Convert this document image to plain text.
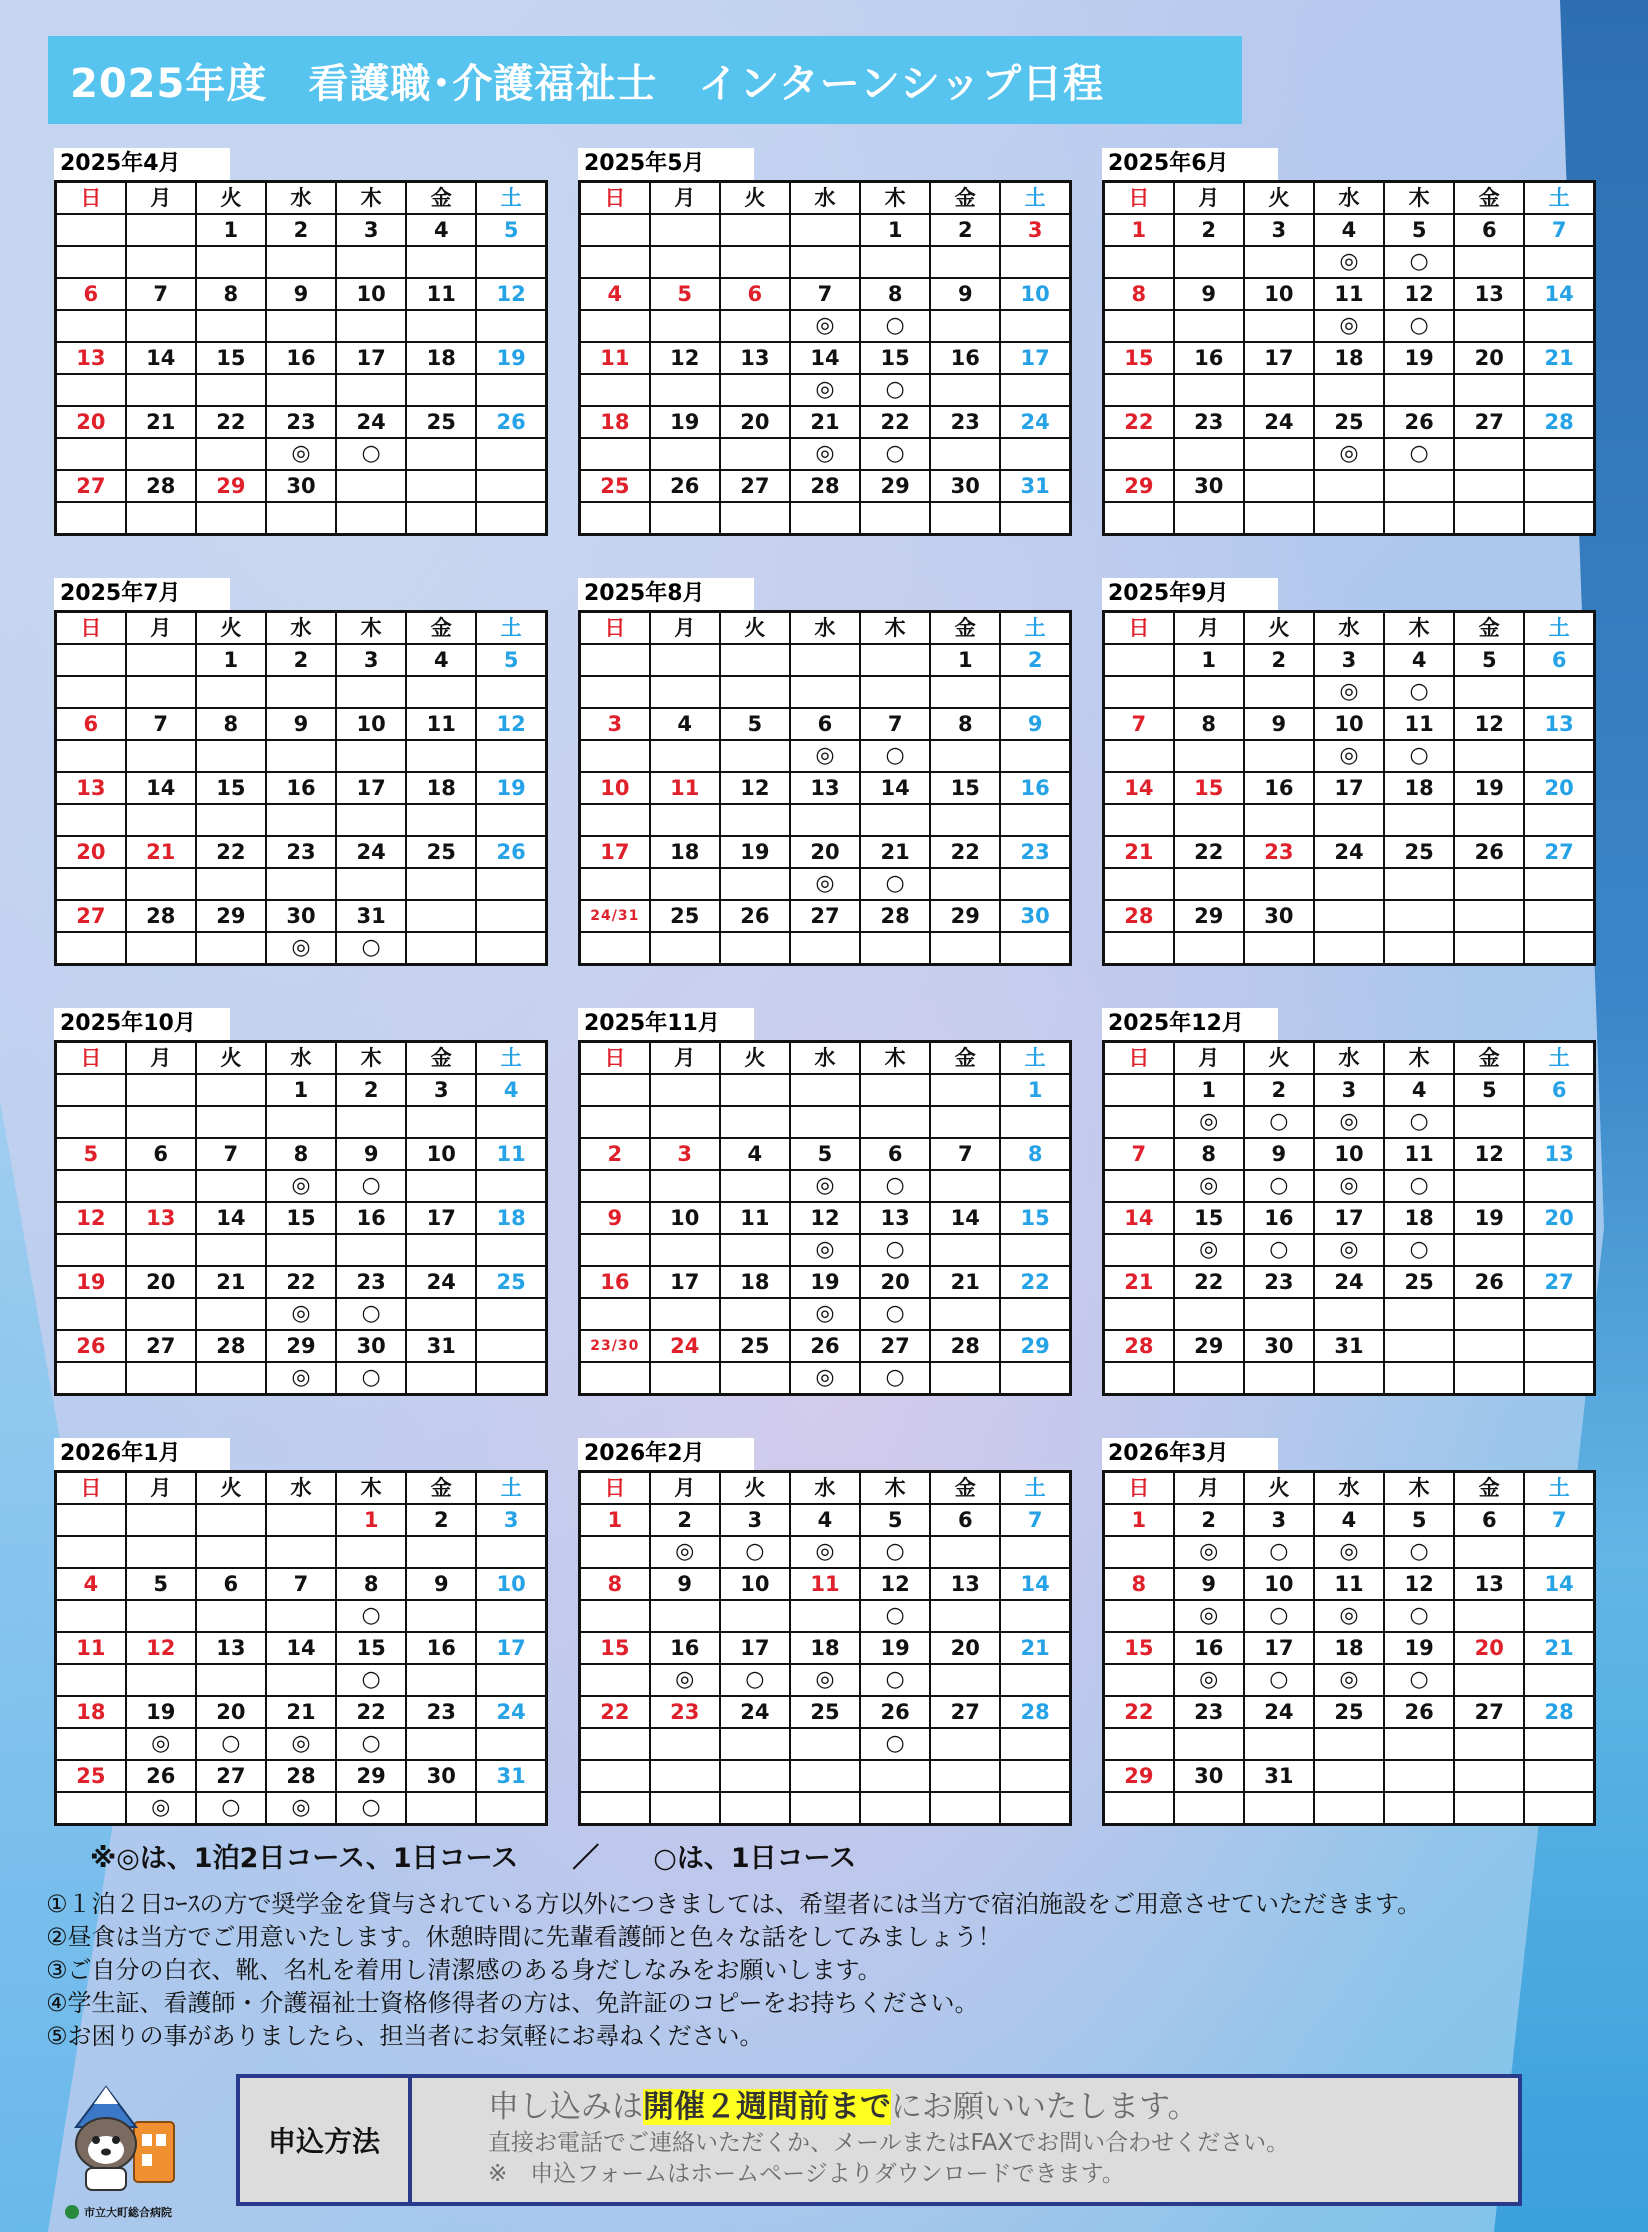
2025年度　看護職･介護福祉士　インターンシップ日程
2025年4月
日	月	火	水	木	金	土
		1	2	3	4	5

6	7	8	9	10	11	12

13	14	15	16	17	18	19

20	21	22	23	24	25	26
			◎	○		
27	28	29	30			

2025年5月
日	月	火	水	木	金	土
				1	2	3

4	5	6	7	8	9	10
			◎	○		
11	12	13	14	15	16	17
			◎	○		
18	19	20	21	22	23	24
			◎	○		
25	26	27	28	29	30	31

2025年6月
日	月	火	水	木	金	土
1	2	3	4	5	6	7
			◎	○		
8	9	10	11	12	13	14
			◎	○		
15	16	17	18	19	20	21

22	23	24	25	26	27	28
			◎	○		
29	30					

2025年7月
日	月	火	水	木	金	土
		1	2	3	4	5

6	7	8	9	10	11	12

13	14	15	16	17	18	19

20	21	22	23	24	25	26

27	28	29	30	31		
			◎	○		
2025年8月
日	月	火	水	木	金	土
					1	2

3	4	5	6	7	8	9
			◎	○		
10	11	12	13	14	15	16

17	18	19	20	21	22	23
			◎	○		
24/31	25	26	27	28	29	30

2025年9月
日	月	火	水	木	金	土
	1	2	3	4	5	6
			◎	○		
7	8	9	10	11	12	13
			◎	○		
14	15	16	17	18	19	20

21	22	23	24	25	26	27

28	29	30				

2025年10月
日	月	火	水	木	金	土
			1	2	3	4

5	6	7	8	9	10	11
			◎	○		
12	13	14	15	16	17	18

19	20	21	22	23	24	25
			◎	○		
26	27	28	29	30	31	
			◎	○		
2025年11月
日	月	火	水	木	金	土
						1

2	3	4	5	6	7	8
			◎	○		
9	10	11	12	13	14	15
			◎	○		
16	17	18	19	20	21	22
			◎	○		
23/30	24	25	26	27	28	29
			◎	○		
2025年12月
日	月	火	水	木	金	土
	1	2	3	4	5	6
	◎	○	◎	○		
7	8	9	10	11	12	13
	◎	○	◎	○		
14	15	16	17	18	19	20
	◎	○	◎	○		
21	22	23	24	25	26	27

28	29	30	31			

2026年1月
日	月	火	水	木	金	土
				1	2	3

4	5	6	7	8	9	10
				○		
11	12	13	14	15	16	17
				○		
18	19	20	21	22	23	24
	◎	○	◎	○		
25	26	27	28	29	30	31
	◎	○	◎	○		
2026年2月
日	月	火	水	木	金	土
1	2	3	4	5	6	7
	◎	○	◎	○		
8	9	10	11	12	13	14
				○		
15	16	17	18	19	20	21
	◎	○	◎	○		
22	23	24	25	26	27	28
				○		

2026年3月
日	月	火	水	木	金	土
1	2	3	4	5	6	7
	◎	○	◎	○		
8	9	10	11	12	13	14
	◎	○	◎	○		
15	16	17	18	19	20	21
	◎	○	◎	○		
22	23	24	25	26	27	28

29	30	31				

※◎は、1泊2日コース、1日コース　　／　　○は、1日コース
①１泊２日ｺｰｽの方で奨学金を貸与されている方以外につきましては、希望者には当方で宿泊施設をご用意させていただきます。
②昼食は当方でご用意いたします。休憩時間に先輩看護師と色々な話をしてみましょう！
③ご自分の白衣、靴、名札を着用し清潔感のある身だしなみをお願いします。
④学生証、看護師・介護福祉士資格修得者の方は、免許証のコピーをお持ちください。
⑤お困りの事がありましたら、担当者にお気軽にお尋ねください。
市立大町総合病院
申込方法
申し込みは開催２週間前までにお願いいたします。
直接お電話でご連絡いただくか、メールまたはFAXでお問い合わせください。
※　申込フォームはホームページよりダウンロードできます。
